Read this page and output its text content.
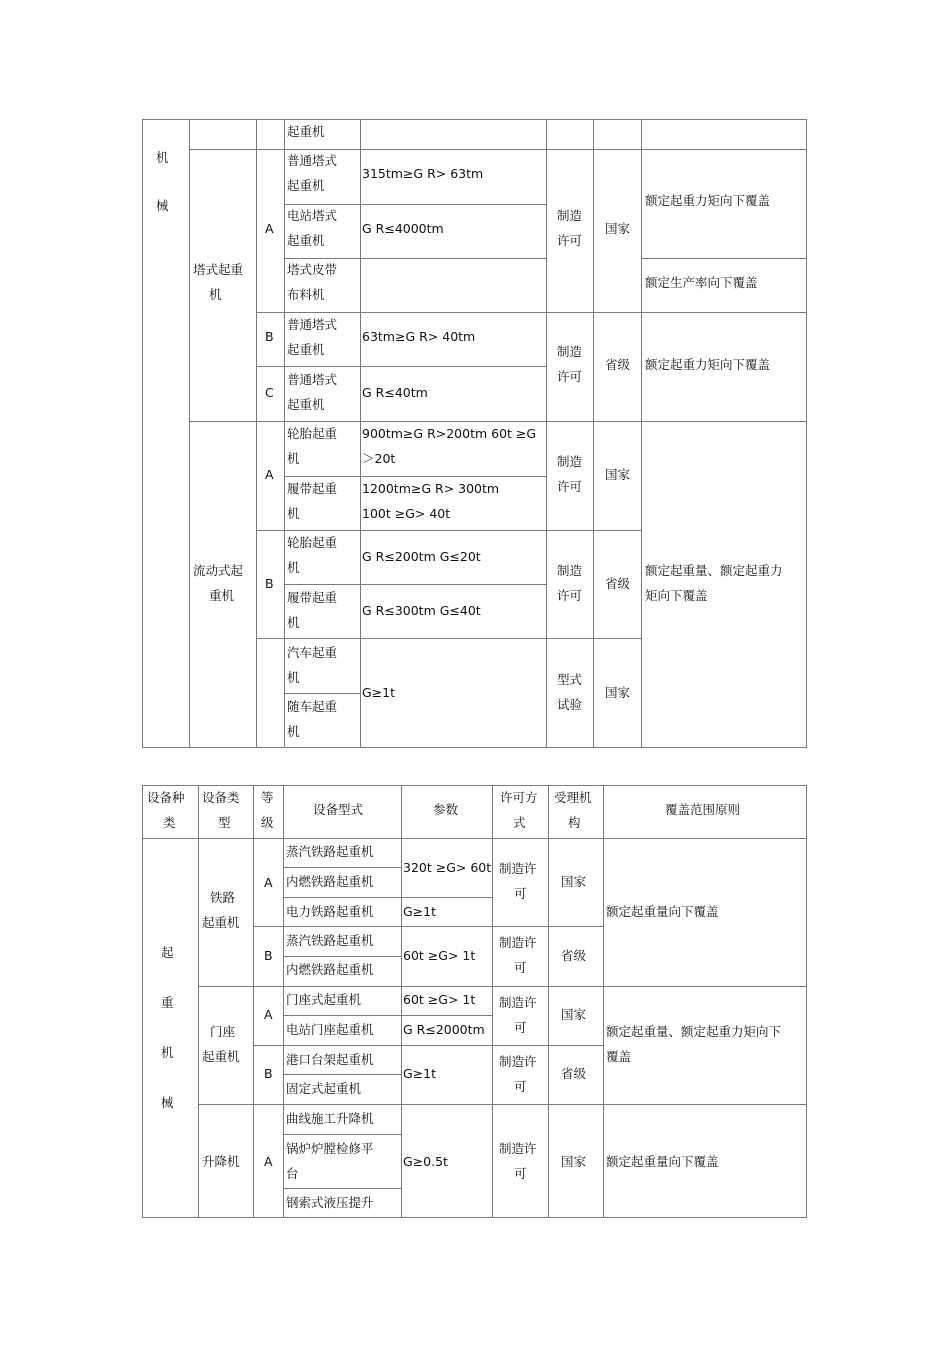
机
械
起重机
塔式起重
机
A
普通塔式
起重机
315tm≥G R> 63tm
电站塔式
起重机
G R≤4000tm
塔式皮带
布料机
制造
许可
国家
额定起重力矩向下覆盖
额定生产率向下覆盖
B
普通塔式
起重机
63tm≥G R> 40tm
C
普通塔式
起重机
G R≤40tm
制造
许可
省级 额定起重力矩向下覆盖
流动式起
重机
A
轮胎起重
机
900tm≥G R>200tm 60t ≥G
＞20t
履带起重
机
1200tm≥G R> 300tm
100t ≥G> 40t
制造
许可
国家
B
轮胎起重
机
G R≤200tm G≤20t
履带起重
机
G R≤300tm G≤40t
制造
许可
省级
额定起重量、额定起重力
矩向下覆盖
汽车起重
机
随车起重
机
G≥1t
型式
试验
国家
设备种
类
设备类
型
等
级
设备型式	参数
许可方
式
受理机
构
覆盖范围原则
起
重
机
械
铁路
起重机
A
蒸汽铁路起重机
内燃铁路起重机
电力铁路起重机
320t ≥G> 60t
G≥1t
制造许
可
国家
B
蒸汽铁路起重机
内燃铁路起重机
60t ≥G> 1t
制造许
可
省级
额定起重量向下覆盖
门座
起重机
A
门座式起重机
电站门座起重机
60t ≥G> 1t
G R≤2000tm
制造许
可
国家
B
港口台架起重机
固定式起重机
G≥1t
制造许
可
省级
额定起重量、额定起重力矩向下
覆盖
升降机 A
曲线施工升降机
锅炉炉膛检修平
台
钢索式液压提升
G≥0.5t
制造许
可
国家 额定起重量向下覆盖
